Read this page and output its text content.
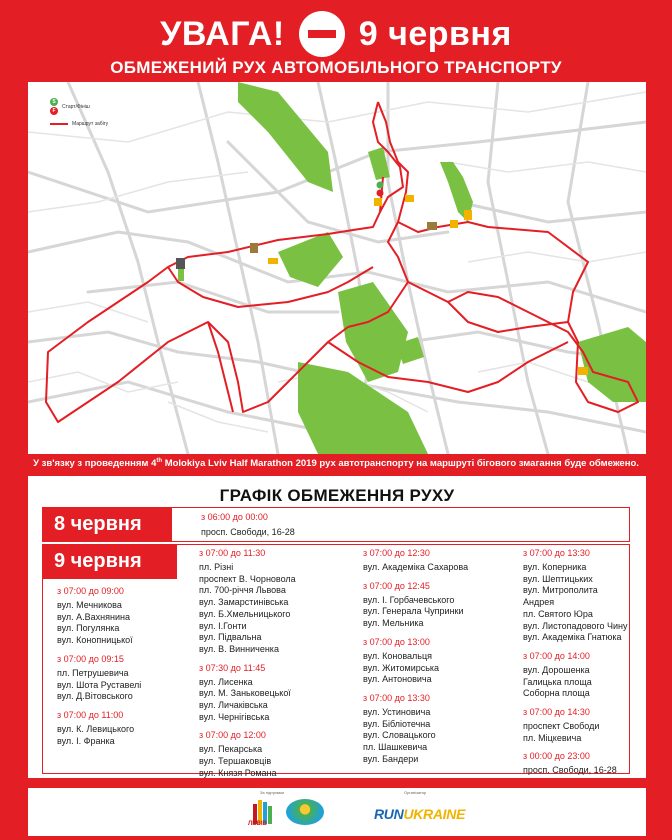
УВАГА! 9 червня
ОБМЕЖЕНИЙ РУХ АВТОМОБІЛЬНОГО ТРАНСПОРТУ
S
F
Старт/Фініш
Маршрут забігу
У зв'язку з проведенням 4th Molokiya Lviv Half Marathon 2019 рух автотранспорту на маршруті бігового змагання буде обмежено.
ГРАФІК ОБМЕЖЕННЯ РУХУ
8 червня	з 06:00 до 00:00
просп. Свободи, 16-28
9 червня
з 07:00 до 09:00
вул. Мечникова
вул. А.Вахнянина
вул. Погулянка
вул. Конопницької
з 07:00 до 09:15
пл. Петрушевича
вул. Шота Руставелі
вул. Д.Вітовського
з 07:00 до 11:00
вул. К. Левицького
вул. І. Франка
з 07:00 до 11:30
пл. Різні
проспект В. Чорновола
пл. 700-річчя Львова
вул. Замарстинівська
вул. Б.Хмельницького
вул. І.Гонти
вул. Підвальна
вул. В. Винниченка
з 07:30 до 11:45
вул. Лисенка
вул. М. Заньковецької
вул. Личаківська
вул. Чернігівська
з 07:00 до 12:00
вул. Пекарська
вул. Тершаковців
вул. Князя Романа
з 07:00 до 12:30
вул. Академіка Сахарова
з 07:00 до 12:45
вул. І. Горбачевського
вул. Генерала Чупринки
вул. Мельника
з 07:00 до 13:00
вул. Коновальця
вул. Житомирська
вул. Антоновича
з 07:00 до 13:30
вул. Устиновича
вул. Бібліотечна
вул. Словацького
пл. Шашкевича
вул. Бандери
з 07:00 до 13:30
вул. Коперника
вул. Шептицьких
вул. Митрополита Андрея
пл. Святого Юра
вул. Листопадового Чину
вул. Академіка Гнатюка
з 07:00 до 14:00
вул. Дорошенка
Галицька площа
Соборна площа
з 07:00 до 14:30
проспект Свободи
пл. Міцкевича
з 00:00 до 23:00
просп. Свободи, 16-28
За підтримки
ЛЬВІВ
Організатор
RUNUKRAINE
